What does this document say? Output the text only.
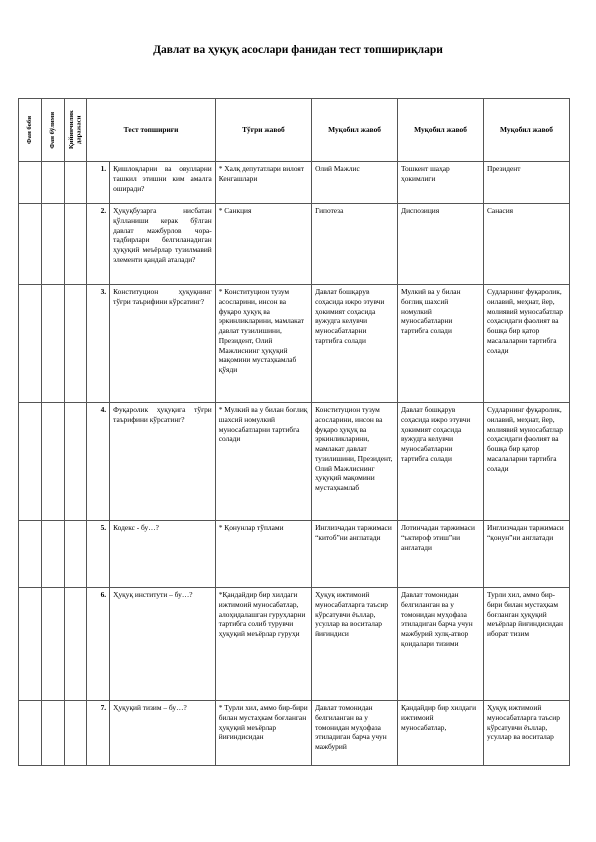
Давлат ва ҳуқуқ асослари фанидан тест топшириқлари
Фан боби	Фан бўлими	Қийинчилик даражаси	Тест топшириғи		Тўғри жавоб	Муқобил жавоб	Муқобил жавоб	Муқобил жавоб
			1.	Қишлоқларни ва овулларни ташкил этишни ким амалга оширади?	* Халқ депутатлари вилоят Кенгашлари	Олий Мажлис	Тошкент шаҳар ҳокимлиги	Президент
			2.	Ҳуқуқбузарга нисбатан қўлланиши керак бўлган давлат мажбурлов чора-тадбирлари белгиланадиган ҳуқуқий меъёрлар тузилмавий элементи қандай аталади?	* Санкция	Гипотеза	Диспозиция	Санасия
			3.	Конституцион ҳуқуқнинг тўғри таърифини кўрсатинг?	* Конституцион тузум асосларини, инсон ва фуқаро ҳуқуқ ва эркинликларини, мамлакат давлат тузилишини, Президент, Олий Мажлиснинг ҳуқуқий мақомини мустаҳкамлаб қўяди	Давлат бошқарув соҳасида ижро этувчи ҳокимият соҳасида вужудга келувчи муносабатларни тартибга солади	Мулкий ва у билан боғлиқ шахсий номулкий муносабатларни тартибга солади	Судларнинг фуқаролик, оилавий, меҳнат, йер, молиявий муносабатлар соҳасидаги фаолият ва бошқа бир қатор масалаларни тартибга солади
			4.	Фуқаролик ҳуқуқига тўғри таърифини кўрсатинг?	* Мулкий ва у билан боғлиқ шахсий номулкий муносабатларни тартибга солади	Конституцион тузум асосларини, инсон ва фуқаро ҳуқуқ ва эркинликларини, мамлакат давлат тузилишини, Президент, Олий Мажлиснинг ҳуқуқий мақомини мустаҳкамлаб	Давлат бошқарув соҳасида ижро этувчи ҳокимият соҳасида вужудга келувчи муносабатларни тартибга солади	Судларнинг фуқаролик, оилавий, меҳнат, йер, молиявий муносабатлар соҳасидаги фаолият ва бошқа бир қатор масалаларни тартибга солади
			5.	Кодекс - бу…?	* Қонунлар тўплами	Инглизчадан таржимаси “китоб”ни англатади	Лотинчадан таржимаси “ъктироф этиш”ни англатади	Инглизчадан таржимаси “қонун”ни англатади
			6.	Ҳуқуқ институти – бу…?	*Қандайдир бир хилдаги ижтимоий муносабатлар, алоҳидалашган гуруҳларни тартибга солиб турувчи ҳуқуқий меъёрлар гуруҳи	Ҳуқуқ ижтимоий муносабатларга таъсир кўрсатувчи ёъллар, усуллар ва воситалар йиғиндиси	Давлат томонидан белгиланган ва у томонидан муҳофаза этиладиган барча учун мажбурий хулқ-атвор қоидалари тизими	Турли хил, аммо бир-бири билан мустаҳкам боғланган ҳуқуқий меъёрлар йиғиндисидан иборат тизим
			7.	Ҳуқуқий тизим – бу…?	* Турли хил, аммо бир-бири билан мустаҳкам боғланган ҳуқуқий меъёрлар йиғиндисидан	Давлат томонидан белгиланган ва у томонидан муҳофаза этиладиган барча учун мажбурий	Қандайдир бир хилдаги ижтимоий муносабатлар,	Ҳуқуқ ижтимоий муносабатларга таъсир кўрсатувчи ёъллар, усуллар ва воситалар
